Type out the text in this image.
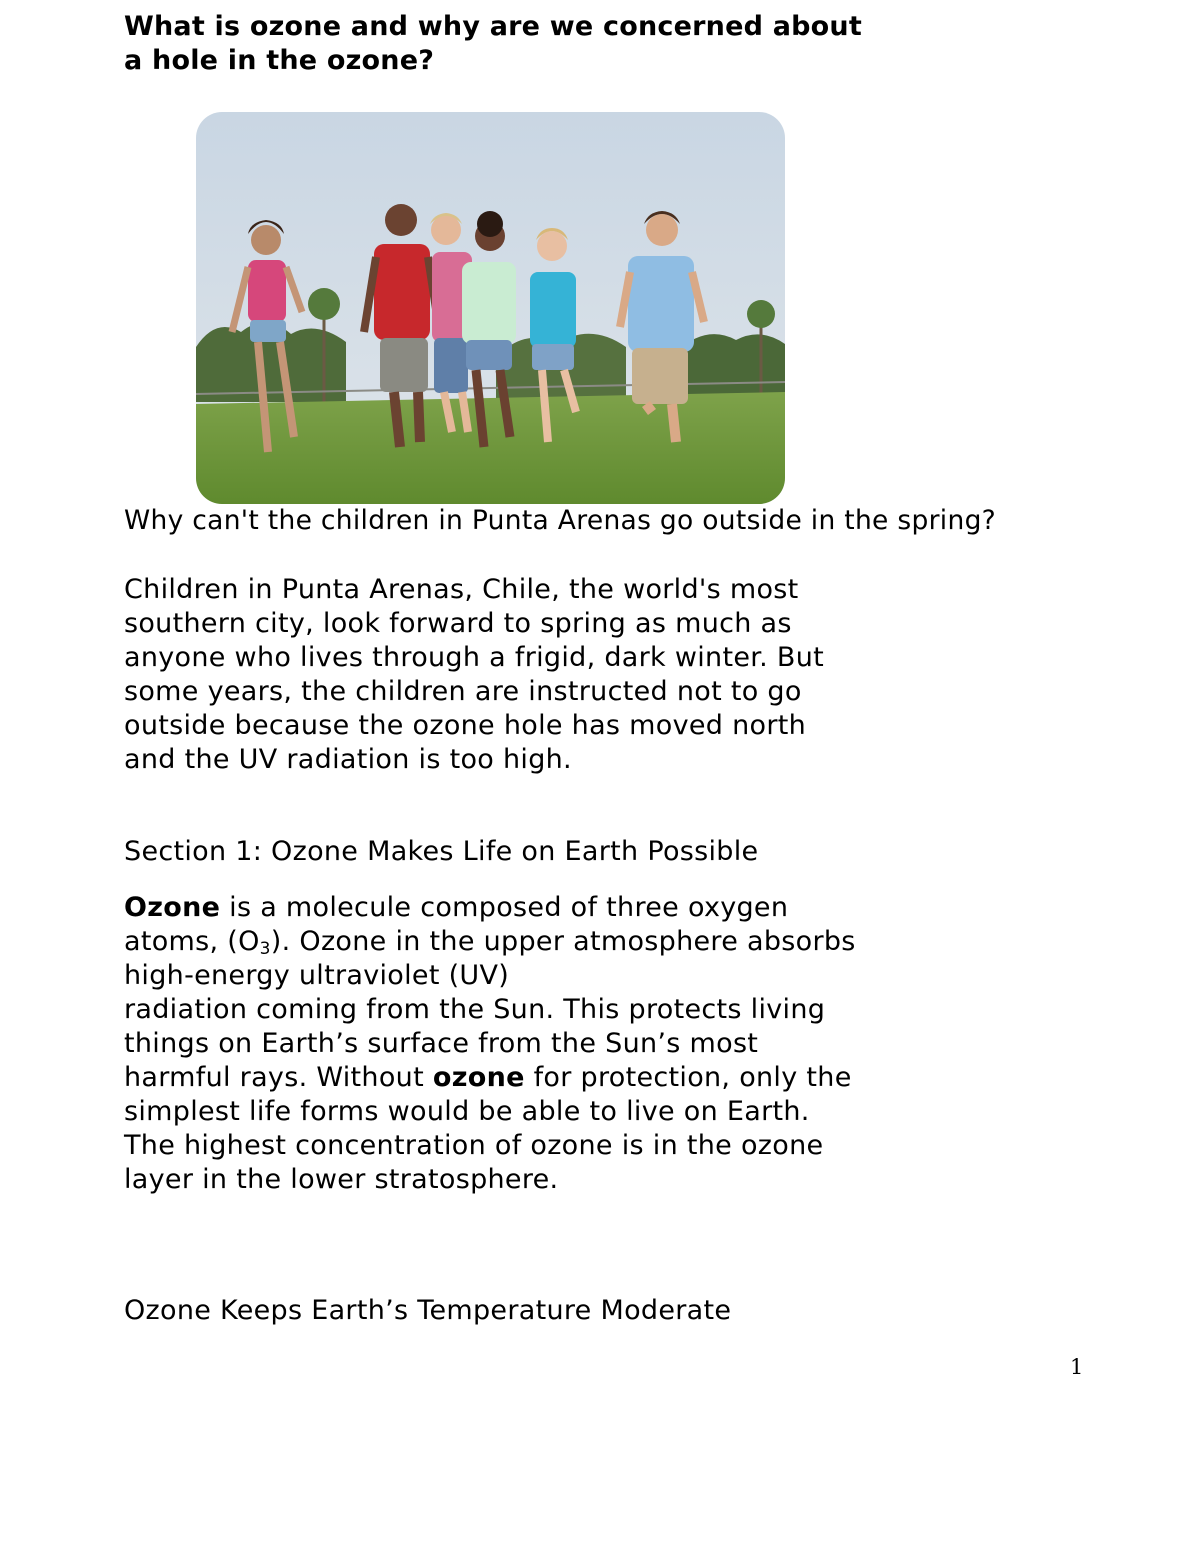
What is ozone and why are we concerned about
a hole in the ozone?

Why can't the children in Punta Arenas go outside in the spring?

Children in Punta Arenas, Chile, the world's most southern city, look forward to spring as much as anyone who lives through a frigid, dark winter. But some years, the children are instructed not to go outside because the ozone hole has moved north and the UV radiation is too high.

Section 1: Ozone Makes Life on Earth Possible

Ozone is a molecule composed of three oxygen atoms, $(O_3)$. Ozone in the upper atmosphere absorbs high-energy ultraviolet (UV)
radiation coming from the Sun. This protects living things on Earth’s surface from the Sun’s most harmful rays. Without ozone for protection, only the simplest life forms would be able to live on Earth. The highest concentration of ozone is in the ozone layer in the lower stratosphere.

Ozone Keeps Earth’s Temperature Moderate

1
